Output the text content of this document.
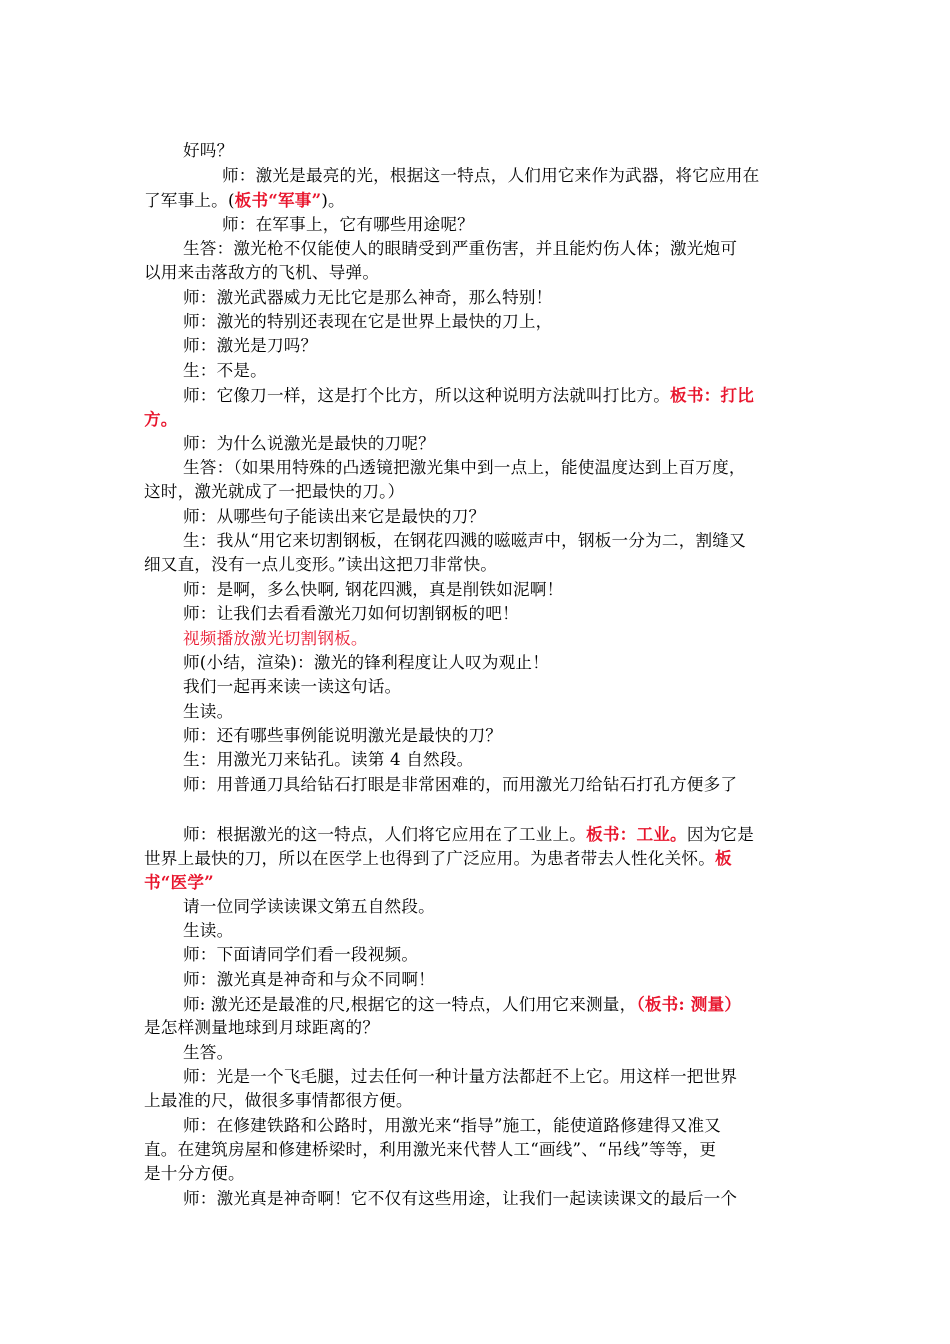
好吗？
师：激光是最亮的光，根据这一特点，人们用它来作为武器，将它应用在
了军事上。(板书“军事”)。
师：在军事上，它有哪些用途呢？
生答：激光枪不仅能使人的眼睛受到严重伤害，并且能灼伤人体；激光炮可
以用来击落敌方的飞机、导弹。
师：激光武器威力无比它是那么神奇，那么特别！
师：激光的特别还表现在它是世界上最快的刀上，
师：激光是刀吗？
生：不是。
师：它像刀一样，这是打个比方，所以这种说明方法就叫打比方。板书：打比
方。
师：为什么说激光是最快的刀呢？
生答：（如果用特殊的凸透镜把激光集中到一点上，能使温度达到上百万度，
这时，激光就成了一把最快的刀。）
师：从哪些句子能读出来它是最快的刀？
生：我从“用它来切割钢板，在钢花四溅的嗞嗞声中，钢板一分为二，割缝又
细又直，没有一点儿变形。”读出这把刀非常快。
师：是啊，多么快啊, 钢花四溅，真是削铁如泥啊！
师：让我们去看看激光刀如何切割钢板的吧！
视频播放激光切割钢板。
师(小结，渲染)：激光的锋利程度让人叹为观止！
我们一起再来读一读这句话。
生读。
师：还有哪些事例能说明激光是最快的刀？
生：用激光刀来钻孔。读第 4 自然段。
师：用普通刀具给钻石打眼是非常困难的，而用激光刀给钻石打孔方便多了
师：根据激光的这一特点，人们将它应用在了工业上。板书：工业。因为它是
世界上最快的刀，所以在医学上也得到了广泛应用。为患者带去人性化关怀。板
书“医学”
请一位同学读读课文第五自然段。
生读。
师：下面请同学们看一段视频。
师：激光真是神奇和与众不同啊！
师: 激光还是最准的尺,根据它的这一特点，人们用它来测量，（板书: 测量）
是怎样测量地球到月球距离的？
生答。
师：光是一个飞毛腿，过去任何一种计量方法都赶不上它。用这样一把世界
上最准的尺，做很多事情都很方便。
师：在修建铁路和公路时，用激光来“指导”施工，能使道路修建得又准又
直。在建筑房屋和修建桥梁时，利用激光来代替人工“画线”、“吊线”等等，更
是十分方便。
师：激光真是神奇啊！它不仅有这些用途，让我们一起读读课文的最后一个
